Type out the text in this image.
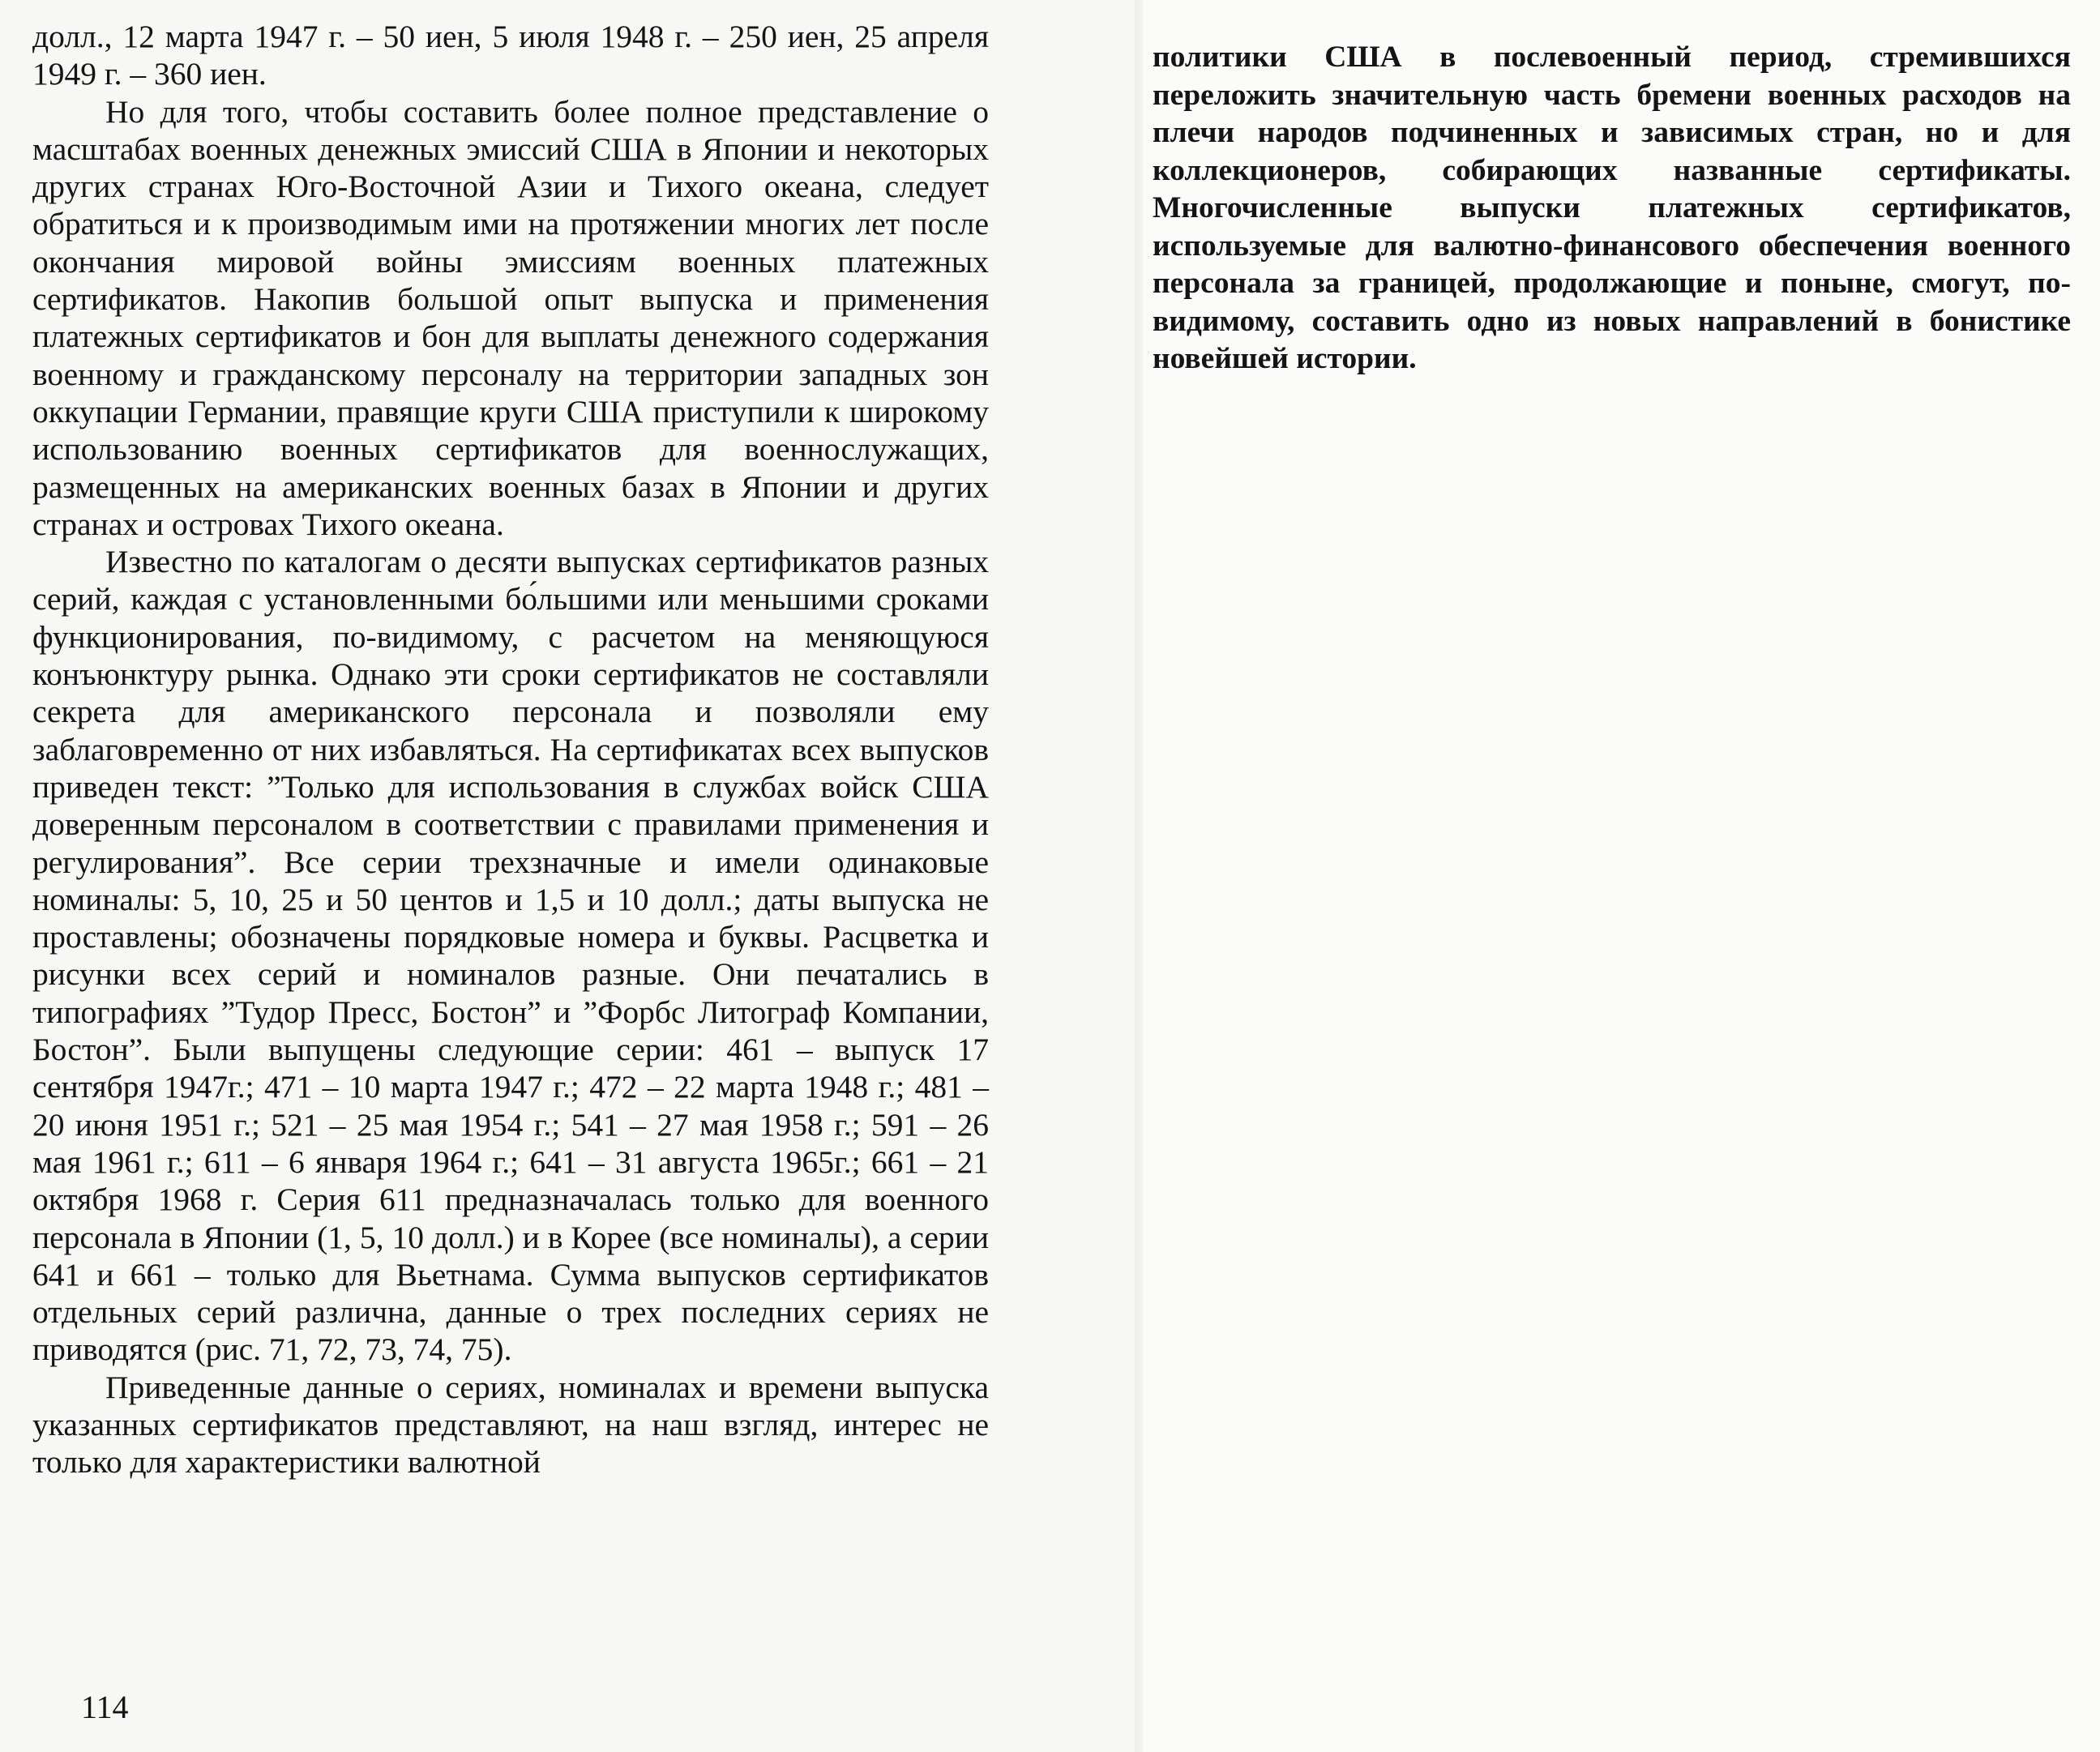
долл., 12 марта 1947 г. – 50 иен, 5 июля 1948 г. – 250 иен, 25 апреля 1949 г. – 360 иен.

Но для того, чтобы составить более полное представление о масштабах военных денежных эмиссий США в Японии и некоторых других странах Юго-Восточной Азии и Тихого океана, следует обратиться и к производимым ими на протяжении многих лет после окончания мировой войны эмиссиям военных платежных сертификатов. Накопив большой опыт выпуска и применения платежных сертификатов и бон для выплаты денежного содержания военному и гражданскому персоналу на территории западных зон оккупации Германии, правящие круги США приступили к широкому использованию военных сертификатов для военнослужащих, размещенных на американских военных базах в Японии и других странах и островах Тихого океана.

Известно по каталогам о десяти выпусках сертификатов разных серий, каждая с установленными бо́льшими или меньшими сроками функционирования, по-видимому, с расчетом на меняющуюся конъюнктуру рынка. Однако эти сроки сертификатов не составляли секрета для американского персонала и позволяли ему заблаговременно от них избавляться. На сертификатах всех выпусков приведен текст: ”Только для использования в службах войск США доверенным персоналом в соответствии с правилами применения и регулирования”. Все серии трехзначные и имели одинаковые номиналы: 5, 10, 25 и 50 центов и 1,5 и 10 долл.; даты выпуска не проставлены; обозначены порядковые номера и буквы. Расцветка и рисунки всех серий и номиналов разные. Они печатались в типографиях ”Тудор Пресс, Бостон” и ”Форбс Литограф Компании, Бостон”. Были выпущены следующие серии: 461 – выпуск 17 сентября 1947г.; 471 – 10 марта 1947 г.; 472 – 22 марта 1948 г.; 481 – 20 июня 1951 г.; 521 – 25 мая 1954 г.; 541 – 27 мая 1958 г.; 591 – 26 мая 1961 г.; 611 – 6 января 1964 г.; 641 – 31 августа 1965г.; 661 – 21 октября 1968 г. Серия 611 предназначалась только для военного персонала в Японии (1, 5, 10 долл.) и в Корее (все номиналы), а серии 641 и 661 – только для Вьетнама. Сумма выпусков сертификатов отдельных серий различна, данные о трех последних сериях не приводятся (рис. 71, 72, 73, 74, 75).

Приведенные данные о сериях, номиналах и времени выпуска указанных сертификатов представляют, на наш взгляд, интерес не только для характеристики валютной

114

политики США в послевоенный период, стремившихся переложить значительную часть бремени военных расходов на плечи народов подчиненных и зависимых стран, но и для коллекционеров, собирающих названные сертификаты. Многочисленные выпуски платежных сертификатов, используемые для валютно-финансового обеспечения военного персонала за границей, продолжающие и поныне, смогут, по-видимому, составить одно из новых направлений в бонистике новейшей истории.
